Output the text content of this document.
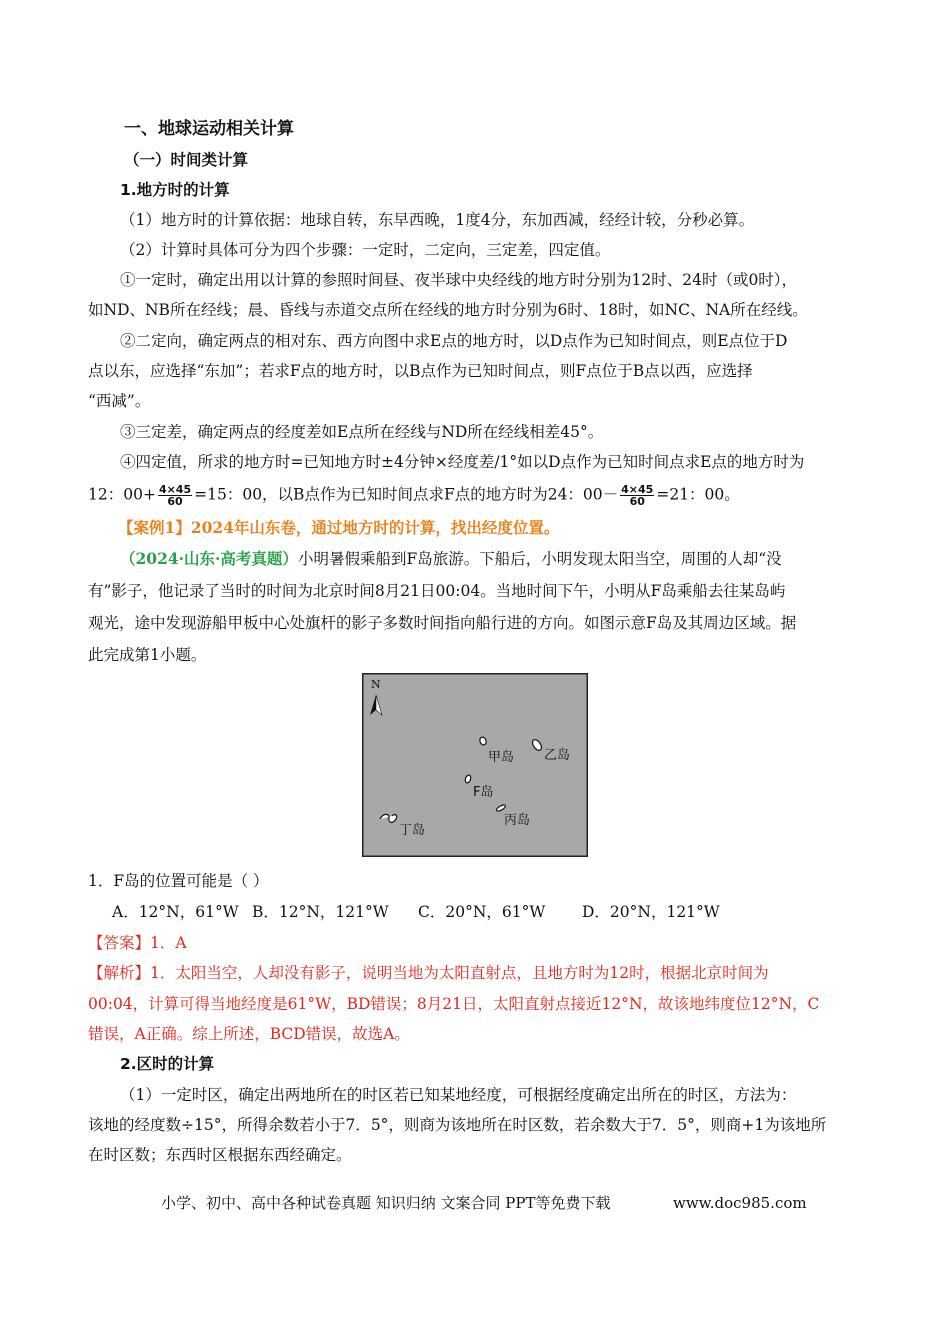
一、地球运动相关计算
（一）时间类计算
1.地方时的计算
（1）地方时的计算依据：地球自转，东早西晚，1度4分，东加西减，经经计较，分秒必算。
（2）计算时具体可分为四个步骤：一定时，二定向，三定差，四定值。
①一定时，确定出用以计算的参照时间昼、夜半球中央经线的地方时分别为12时、24时（或0时），
如ND、NB所在经线；晨、昏线与赤道交点所在经线的地方时分别为6时、18时，如NC、NA所在经线。
②二定向，确定两点的相对东、西方向图中求E点的地方时，以D点作为已知时间点，则E点位于D
点以东，应选择“东加”；若求F点的地方时，以B点作为已知时间点，则F点位于B点以西，应选择
“西减”。
③三定差，确定两点的经度差如E点所在经线与ND所在经线相差45°。
④四定值，所求的地方时=已知地方时±4分钟×经度差/1°如以D点作为已知时间点求E点的地方时为
12：$00+ \frac{4\times 45}{60} =15$：00，以B点作为已知时间点求F点的地方时为24：$00- \frac{4\times 45}{60} =21$：00。
【案例1】2024年山东卷，通过地方时的计算，找出经度位置。
（2024·山东·高考真题）小明暑假乘船到F岛旅游。下船后，小明发现太阳当空，周围的人却“没
有”影子，他记录了当时的时间为北京时间8月21日00:04。当地时间下午，小明从F岛乘船去往某岛屿
观光，途中发现游船甲板中心处旗杆的影子多数时间指向船行进的方向。如图示意F岛及其周边区域。据
此完成第1小题。
N
甲岛 乙岛
F岛
丙岛
丁岛
1．F岛的位置可能是（ ）
A．12°N，61°W B．12°N，121°W C．20°N，61°W D．20°N，121°W
【答案】1．A
【解析】1．太阳当空，人却没有影子，说明当地为太阳直射点，且地方时为12时，根据北京时间为
00:04，计算可得当地经度是61°W，BD错误；8月21日，太阳直射点接近12°N，故该地纬度位12°N，C
错误，A正确。综上所述，BCD错误，故选A。
2.区时的计算
（1）一定时区，确定出两地所在的时区若已知某地经度，可根据经度确定出所在的时区，方法为：
该地的经度数÷15°，所得余数若小于7．5°，则商为该地所在时区数，若余数大于7．5°，则商+1为该地所
在时区数；东西时区根据东西经确定。
小学、初中、高中各种试卷真题 知识归纳 文案合同 PPT等免费下载	www.doc985.com
